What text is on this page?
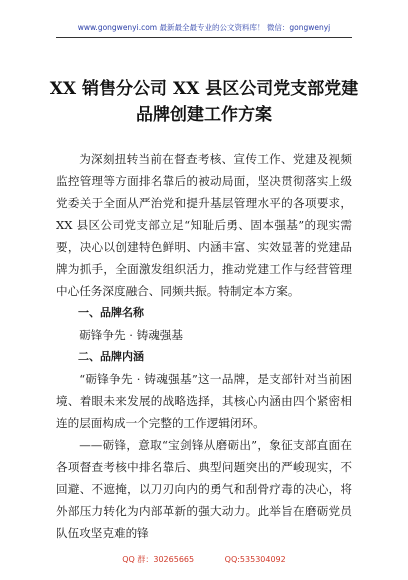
www.gongwenyi.com 最新最全最专业的公文资料库！ 微信：gongwenyj
XX 销售分公司 XX 县区公司党支部党建
品牌创建工作方案

为深刻扭转当前在督查考核、宣传工作、党建及视频监控管理等方面排名靠后的被动局面，坚决贯彻落实上级党委关于全面从严治党和提升基层管理水平的各项要求，XX 县区公司党支部立足“知耻后勇、固本强基”的现实需要，决心以创建特色鲜明、内涵丰富、实效显著的党建品牌为抓手，全面激发组织活力，推动党建工作与经营管理中心任务深度融合、同频共振。特制定本方案。

一、品牌名称

砺锋争先 · 铸魂强基

二、品牌内涵

“砺锋争先 · 铸魂强基”这一品牌，是支部针对当前困境、着眼未来发展的战略选择，其核心内涵由四个紧密相连的层面构成一个完整的工作逻辑闭环。

——砺锋，意取“宝剑锋从磨砺出”，象征支部直面在各项督查考核中排名靠后、典型问题突出的严峻现实，不回避、不遮掩，以刀刃向内的勇气和刮骨疗毒的决心，将外部压力转化为内部革新的强大动力。此举旨在磨砺党员队伍攻坚克难的锋

QQ 群：30265665	QQ:535304092
